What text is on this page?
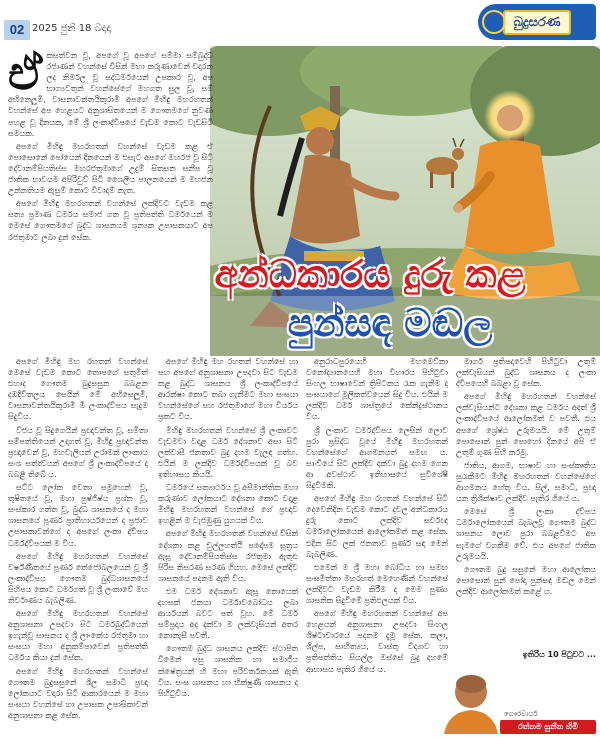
02 2025 ජුනි 18 බදාදා	බුදුසරණ
අන්ධකාරය දුරු කළ
පුන්සඳ මඬල
ඒ කසත්වන වූ, අපගේ වූ අපගේ සම්මා සම්බුද්ධ රජාණන් වහන්සේ විසින් මහා කරුණාවෙන් වදාරන ලද නිර්මල වූ සද්ධර්මයෙන් උපකාර වූ, අප භාග්‍යවතුන් වහන්සේගේ මහගත සුල වූ, සම් අභිනෙලූමි, වාසනාවන්තයිකුරාමී අපගේ මිහිඳු මහරහතන් වහන්සේ අප හෙළයට අනුශාසිතයෙන් ම ගෞතමගේ නුවණ පහළ වූ දිනයක, මේ ශ්‍රී ලංකාද්වීපයේ වැඩම කොට වැඩසිටි සමයක.

අපගේ මිහිඳු මහරහතන් වහන්සේ වැඩම කළ ඒ පොසොනේ පෝයෙන් දිනයෙන් ම එසැට අපගේ මහරජ වූ සිටි දේවානම්පියතිස්ස මහරජතුමාගේ උදුම් සිතසන සනීප වූ ජාතික භාවයම අපිරිවුව් සිටි ශෛලීය පාලනයෙන් ම මහජන උන්නතියම ඇසුම් කොට විවාදම් නැත.

අපගේ මිහිඳු මහරහතන් වහන්සේ ලක්දිවට වැඩම කළ සත්‍ය ප්‍රමාණ ධර්මය සමාජ ගත වූ ප්‍රතිපත්ති ධර්මයෙන් ම මෙසේ ගෞතමගේ බුද්ධ ශාසනයම ශූන්‍යක උපාසකයාට අප රජතුමාට ලබා දුන් සේක.

අපගේ මිහිඳු මහ රහතන් වහන්සේ මෙසේ වැඩම කොට තොපගේ සතුමිත් එහාද ගෞතම බුදුසසුන බබළන දඹදිවිතලය සෙයින් මේ අභිසෙලූමි, වාසනාවන්තයිකුරාමී මී ලංකාද්වීපය සැදුම සිදුවිය.

විජය වූ සිදුගෙයින් ප්‍රඥාවන්ත වූ, සමිතා සම්පත්තියෙන් උදාගත් වූ, මිහිඳු ප්‍රඥාවන්ත ප්‍රඥාවෙන් වූ, මහවැලියන් උරාමන් ලාංකාය සංශ සත්ත්‍වයන් අපගේ ශ්‍රී ලංකාද්වීපයේ ද බබළී තිබේ ය.

සට්ට ලෝක වෙතා සමූහෙන් වූ, තුෂිතයේ වූ, මහා පුෂ්ජිෂ්ය ප්‍රශ්න වූ, සංස්කාර ගත්ත වූ, බුද්ධ ශාසනයේ ද මහා ශාසනයේ පූර්ණ ප්‍රාතිහාර්යයෙන් ද ප්‍රජාව උපාසකාවන්ගේ ද අපගේ ලංකා ද්වීපය ධර්මද්වීපයක් ම විය.

අපගේ මිහිඳු මහරහතන් වහන්සේ වර්ෂ්ණිතයේ පූර්ණ තේජෝබලයෙන් වූ ශ්‍රී ලංකාද්වීපය ගෞතම බුද්ධශාසනයේ සිහිපය කොට ධර්මගත් වූ ශ්‍රී ලංකාවේ මහ නිර්වාණය බැබලිණ.

අපගේ මිහිඳු මහරහතන් වහන්සේ අනුශාසනා උපදවා සිට ධර්මබුද්ධියෙන් ඉගැන්වූ සාසනය ද ශ්‍රී ලාංකේය රජතුමා හා සංඝයා මහා අනුකම්පාවෙන් ප්‍රතිපත්ති ධර්මය කියා දුන් සේක.

අපගේ මිහිඳු මහරහතන් වහන්සේ ගෞතම බුදුසසුනේ ශීල සමාධි ප්‍රඥා ලෝකයාට වදාරා සිටි ආකාරයෙන් ම මහා සංඝයා වහන්සේ හා උපාසක උපාසිකාවන් අනුශාසනා කළ සේක.

අපගේ මිහිඳු මහ රහතන් වහන්සේ හා සහ අපගේ අනුශාසනා උපදවා සිට වැඩම කළ බුද්ධ ශාසනය ශ්‍රී ලංකාද්වීපයේ ආරක්ෂා කොට තබා ගැනීමට මහා සංඝයා වහන්සේගේ සහ රජතුමාගේ මහා වීර්යය ප්‍රකට විය.

මිහිඳු මහරහතන් වහන්සේ ශ්‍රී ලංකාවට වැඩමවා වදාළ ධර්ම දේශනාව අසා සිටි ලක්වාසී ජනතාව බුදු දහම වැලඳ ගත්හ. එයින් ම ලක්දිව ධර්මද්වීපයක් වූ බව ඉතිහාසය කියයි.

ධර්මයේ සත්‍යාර්ථය වූ අසීමාන්තික මහා කරුණාව ලෝකයාට දේශනා කොට වදාළ මිහිඳු මහරහතන් වහන්සේ ගේ ප්‍රඥාව ඉහළින් ම වැජඹුණු යුගයක් විය.

අපගේ මිහිඳු මහරහතන් වහන්සේ විසින් දේශනා කළ චුල්ලහත්ථි පදෝපම සූත්‍රය ඇසූ දේවානම්පියතිස්ස රජතුමා ඇතුළු පිරිස තිසරණ සරණ ගියහ. මෙසේ ලක්දිව ශාසනයේ පදනම ඇති විය.

එම ධර්ම දේශනාව ඇසූ නොයෙක් දහසක් ජනයා ධර්මාවබෝධය ලබා ආර්යයන් බවට පත් වූහ. මේ ධර්ම සම්ප්‍රදාය අද දක්වා ම ලක්වැසියන් අතර නොනැසී පවතී.

ගෞතම බුද්ධ ශාසනය ලක්දිව ස්ථාපිත වීමෙන් පසු ශාසනික හා සමාජීය ක්ෂේත්‍රයන් හි මහා පරිවර්තනයක් ඇති විය. සංඝ ශාසනය හා භික්ෂුණී ශාසනය ද පිහිටුවීය.

අනුරාධපුරයෙහි මහමෙව්නා වනෝද්‍යානයෙහි මහා විහාරය පිහිටුවා සිංහල භාෂාවෙන් ත්‍රිපිටකය රැක ගැනීම ද සංඝයාගේ මූලිකත්වයෙන් සිදු විය. එයින් ම ලක්දිව ධර්ම ශාස්ත්‍රයේ කේන්ද්‍රස්ථානය විය.

ශ්‍රී ලංකාව ධර්මද්වීපය ලෙසින් ලොව පුරා ප්‍රසිද්ධ වූයේ මිහිඳු මහරහතන් වහන්සේගේ ආගමනයත් සමඟ ය. සාංචියේ සිට ලක්දිව දක්වා බුදු දහම ගෙන ආ අවස්ථාව ඉතිහාසයේ සුවිශේෂී සිදුවීමකි.

අපගේ මිහිඳු මහ රහතන් වහන්සේ සිටි දෙවෙනිදින වැඩම කොට දවල අන්ධකාරය දුරු කොට ලක්දිව සර්වඥ ධර්මාලෝකයෙන් ආලෝකමත් කළ සේක. එදින සිට ලක් ජනතාව පූර්ණ සඳ මෙන් බැබලිණ.

එමෙන් ම ශ්‍රී මහා බෝධිය හා සමඟ සංඝමිත්තා මහරහත් මෙහෙණින් වහන්සේ ලක්දිවට වැඩම කිරීම ද මෙම පුණ්‍ය ශාසනික සිදුවීමේ ප්‍රතිඵලයක් විය.

අපගේ මිහිඳු මහරහතන් වහන්සේ අප හෙළයන් අනුශාසනා උපදවා සිංහල ශිෂ්ටාචාරයේ පදනම දැමූ සේක. කලා, ශිල්ප, සාහිත්‍යය, වාස්තු විද්‍යාව හා ප්‍රතිපත්තිය සියල්ල ඔස්සේ බුදු දහමේ ආභාසය පැතිර ගියේ ය.

මාර්ග ප්‍රතිපදාවෙහි පිහිටුවා උතුම් ලක්වැසියන් බුද්ධ ශාසනය ද ලංකා ද්වීපයෙහි බබළා වූ සේක.

අපගේ මිහිඳු මහරහතන් වහන්සේ ලක්වැසියන්ට දේශනා කළ ධර්මය අදත් ශ්‍රී ලංකාද්වීපයේ ආලෝකමත් ව පවතී. එය අපගේ ශ්‍රේෂ්ඨ උරුමයයි. මේ උතුම් පොසොන් පුන් පොහෝ දිනයේ අපි ඒ උතුම් ගුණ සිහි කරමු.

ජාතිය, ආගම, භාෂාව හා සංස්කෘතිය සුරැකීමට මිහිඳු මහරහතන් වහන්සේගේ ආගමනය හේතු විය. සිල්, සමාධි, ප්‍රඥා යන ත්‍රිශික්ෂාව ලක්දිව පැතිර ගියේ ය.

මෙසේ ශ්‍රී ලංකා ද්වීපය ධර්මාලෝකයෙන් බැබලවූ ගෞතම බුද්ධ ශාසනය ලොව පුරා බබළවීමට අප සැමගේ වගකීම වේ. එය අපගේ ජාතික උරුමයයි.

ගෞතම බුදු සසුනේ මහා ආලෝකය පොසොන් පුන් පෝදා පුන්සඳ මඬල මෙන් ලක්දිව ආලෝකමත් කළේ ය.

ඉතිරිය 10 පිටුවට ...
ගෞරවාර්ථ
රත්නම සුනීත හිමි
